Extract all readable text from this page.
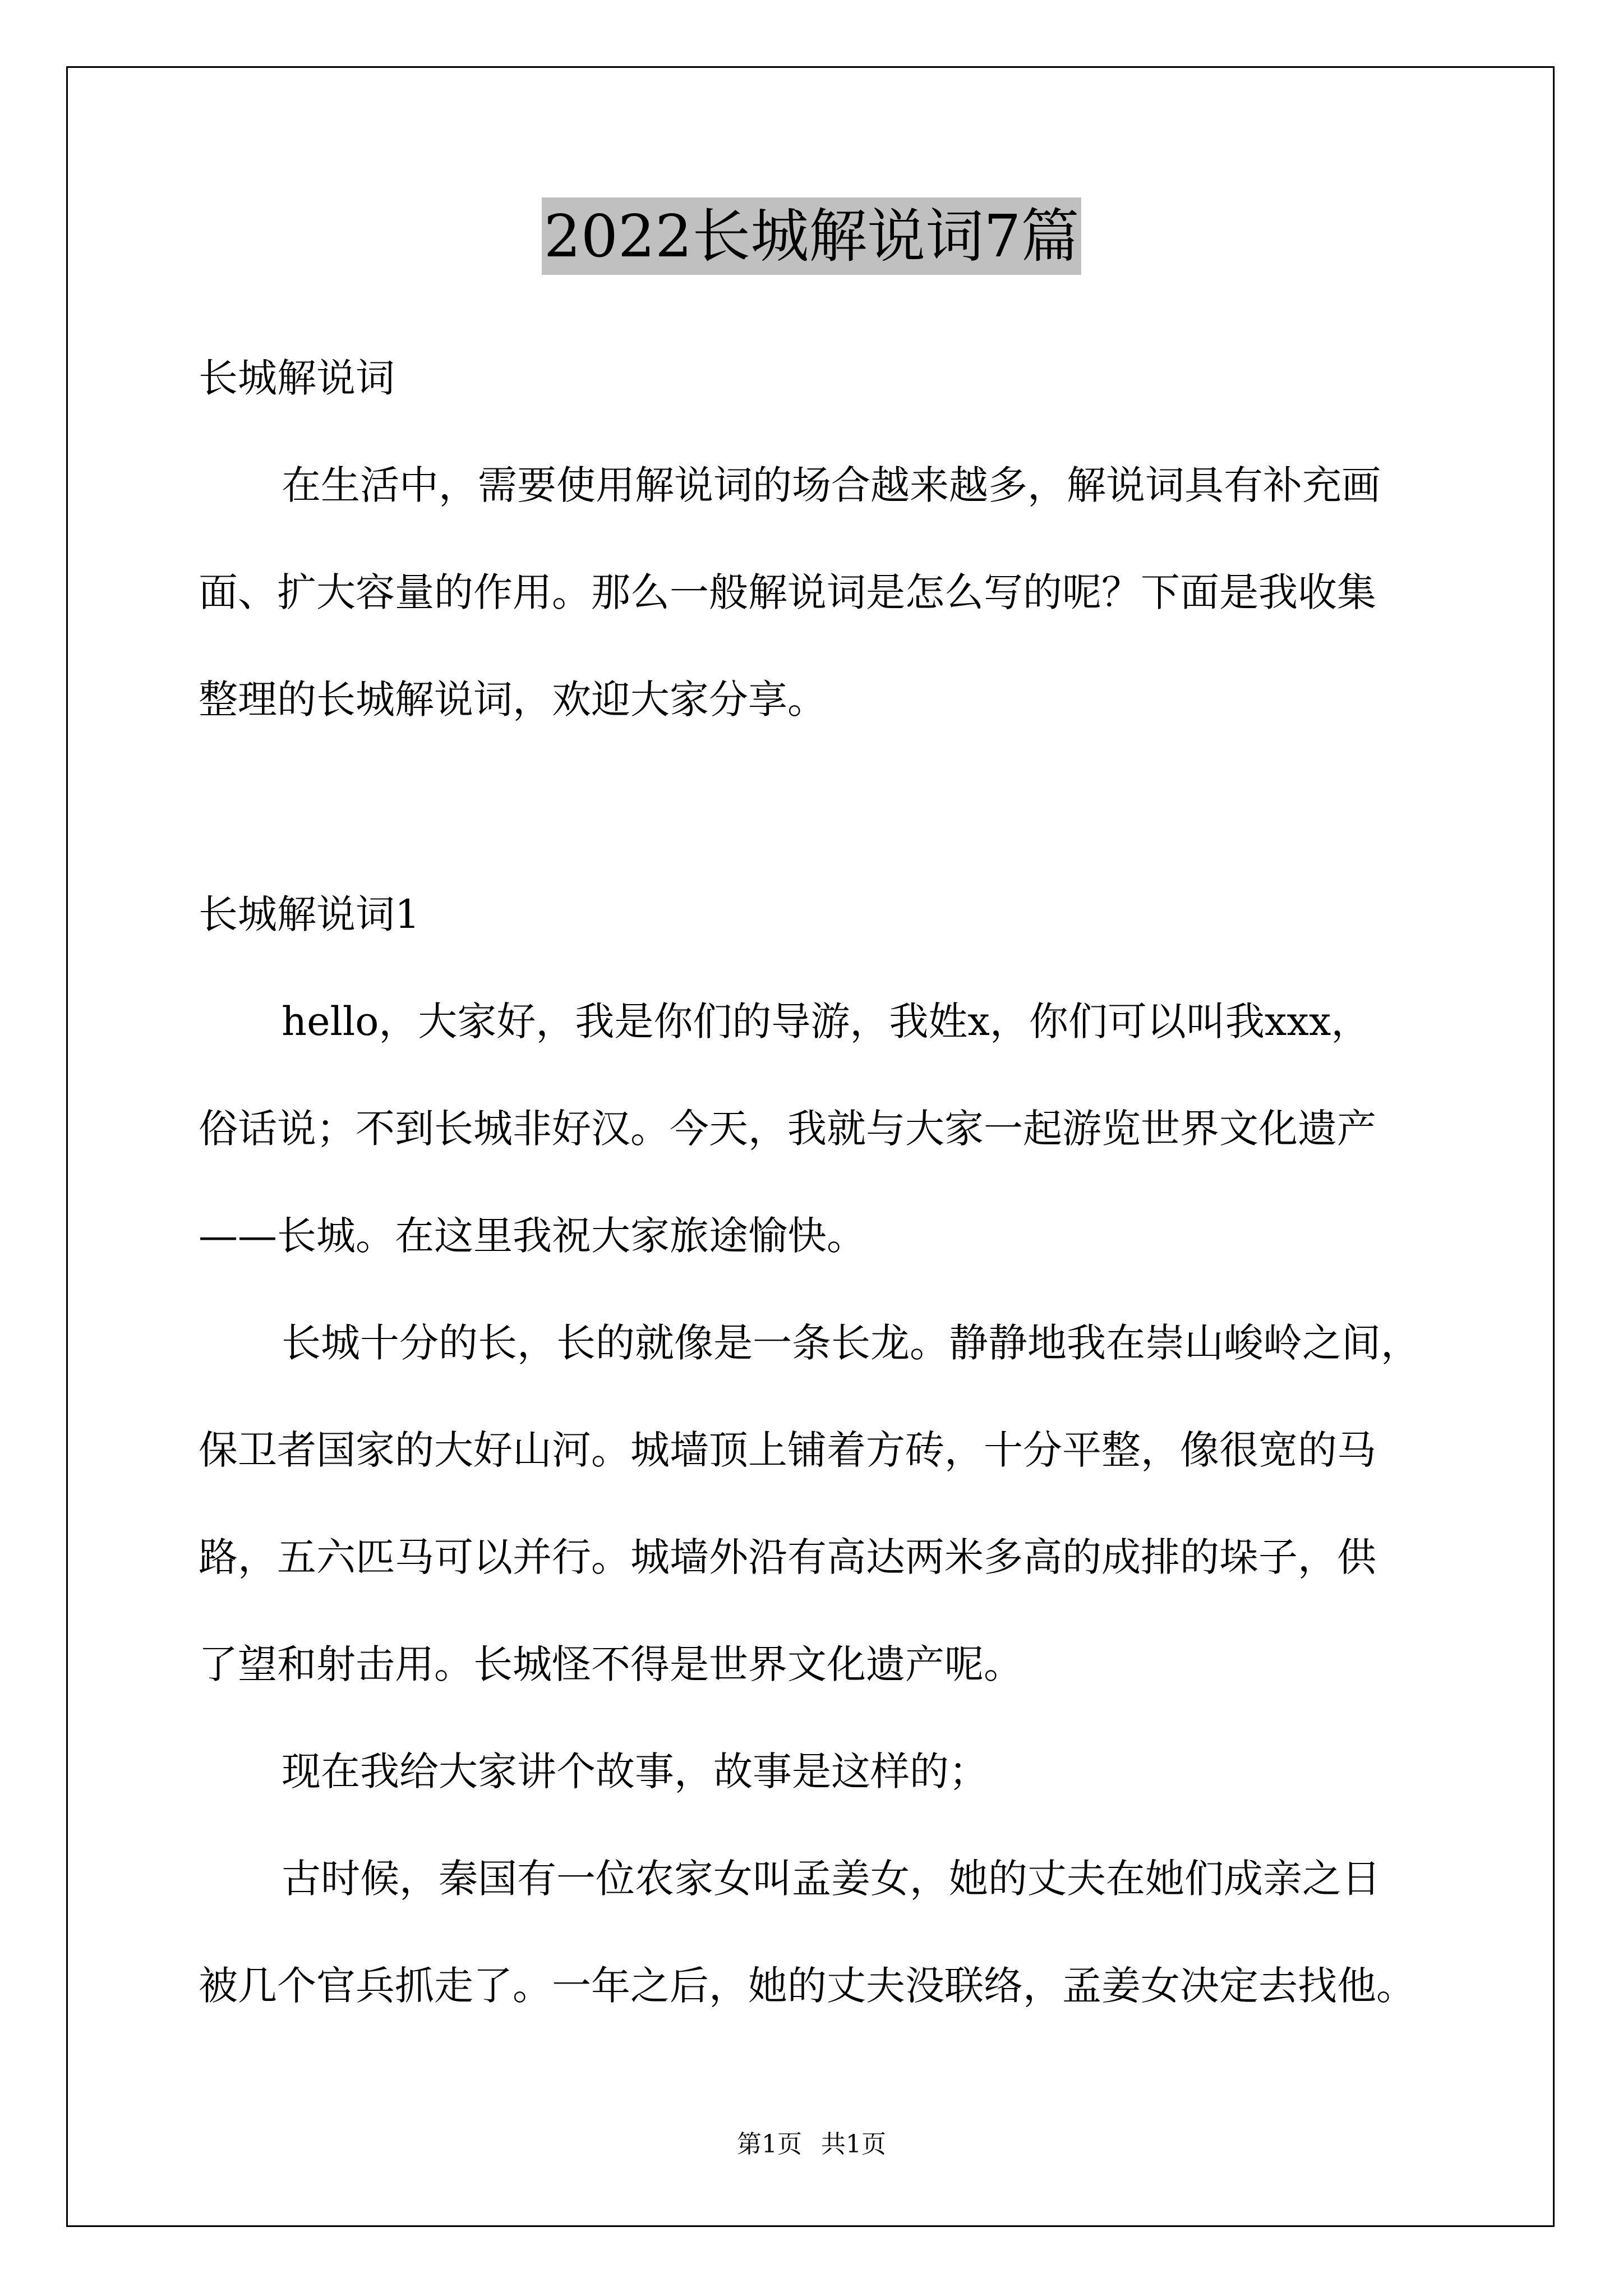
2022长城解说词7篇
长城解说词
在生活中，需要使用解说词的场合越来越多，解说词具有补充画
面、扩大容量的作用。那么一般解说词是怎么写的呢？下面是我收集
整理的长城解说词，欢迎大家分享。
长城解说词1
hello，大家好，我是你们的导游，我姓x，你们可以叫我xxx，
俗话说；不到长城非好汉。今天，我就与大家一起游览世界文化遗产
——长城。在这里我祝大家旅途愉快。
长城十分的长，长的就像是一条长龙。静静地我在崇山峻岭之间，
保卫者国家的大好山河。城墙顶上铺着方砖，十分平整，像很宽的马
路，五六匹马可以并行。城墙外沿有高达两米多高的成排的垛子，供
了望和射击用。长城怪不得是世界文化遗产呢。
现在我给大家讲个故事，故事是这样的；
古时候，秦国有一位农家女叫孟姜女，她的丈夫在她们成亲之日
被几个官兵抓走了。一年之后，她的丈夫没联络，孟姜女决定去找他。
第1页 共1页
